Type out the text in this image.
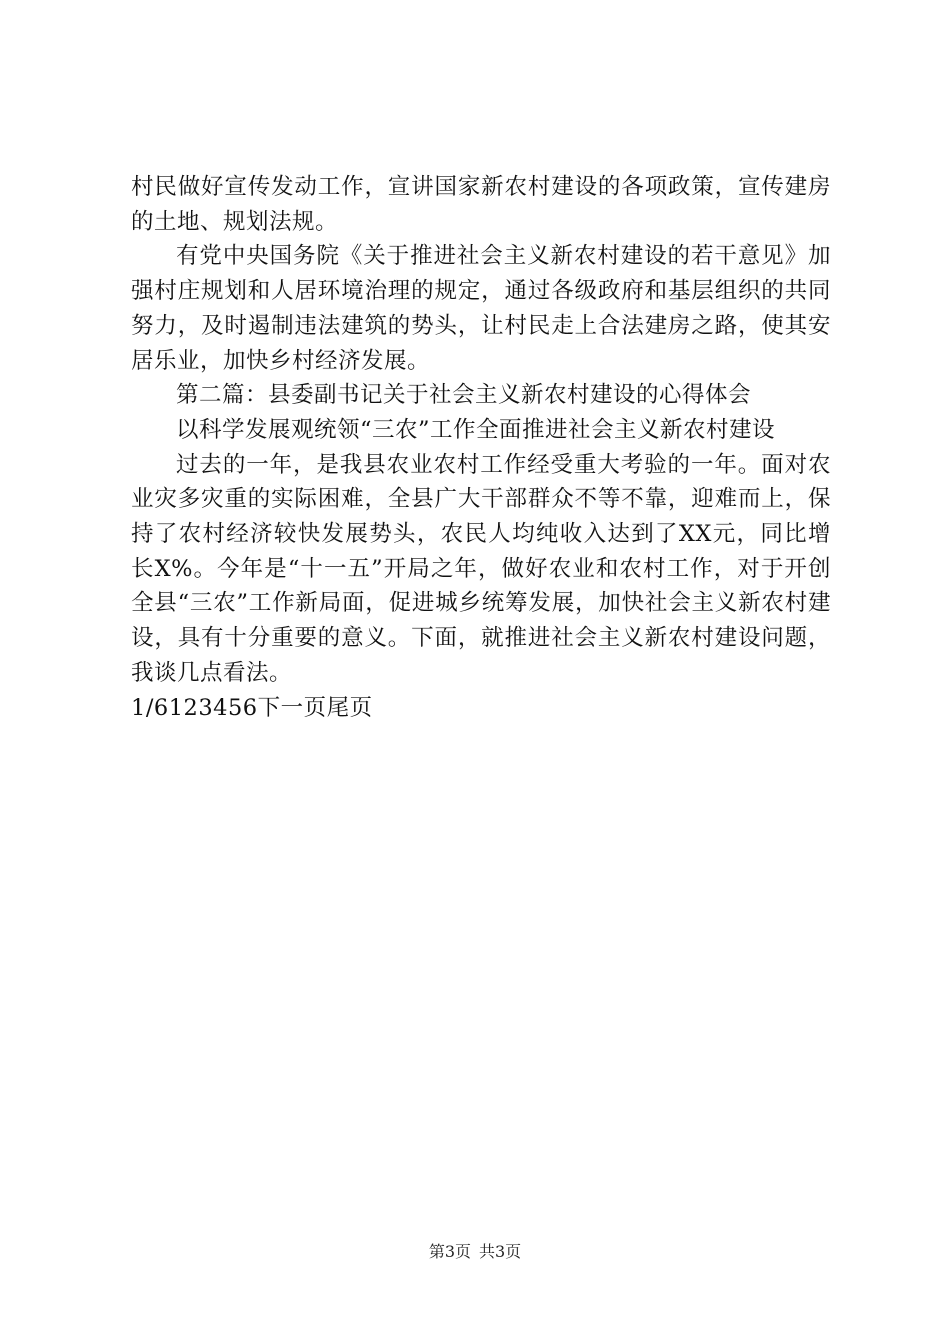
村民做好宣传发动工作，宣讲国家新农村建设的各项政策，宣传建房的土地、规划法规。

有党中央国务院《关于推进社会主义新农村建设的若干意见》加强村庄规划和人居环境治理的规定，通过各级政府和基层组织的共同努力，及时遏制违法建筑的势头，让村民走上合法建房之路，使其安居乐业，加快乡村经济发展。

第二篇：县委副书记关于社会主义新农村建设的心得体会

以科学发展观统领“三农”工作全面推进社会主义新农村建设

过去的一年，是我县农业农村工作经受重大考验的一年。面对农业灾多灾重的实际困难，全县广大干部群众不等不靠，迎难而上，保持了农村经济较快发展势头，农民人均纯收入达到了XX元，同比增长X%。今年是“十一五”开局之年，做好农业和农村工作，对于开创全县“三农”工作新局面，促进城乡统筹发展，加快社会主义新农村建设，具有十分重要的意义。下面，就推进社会主义新农村建设问题，我谈几点看法。

1/6123456下一页尾页

第3页 共3页
